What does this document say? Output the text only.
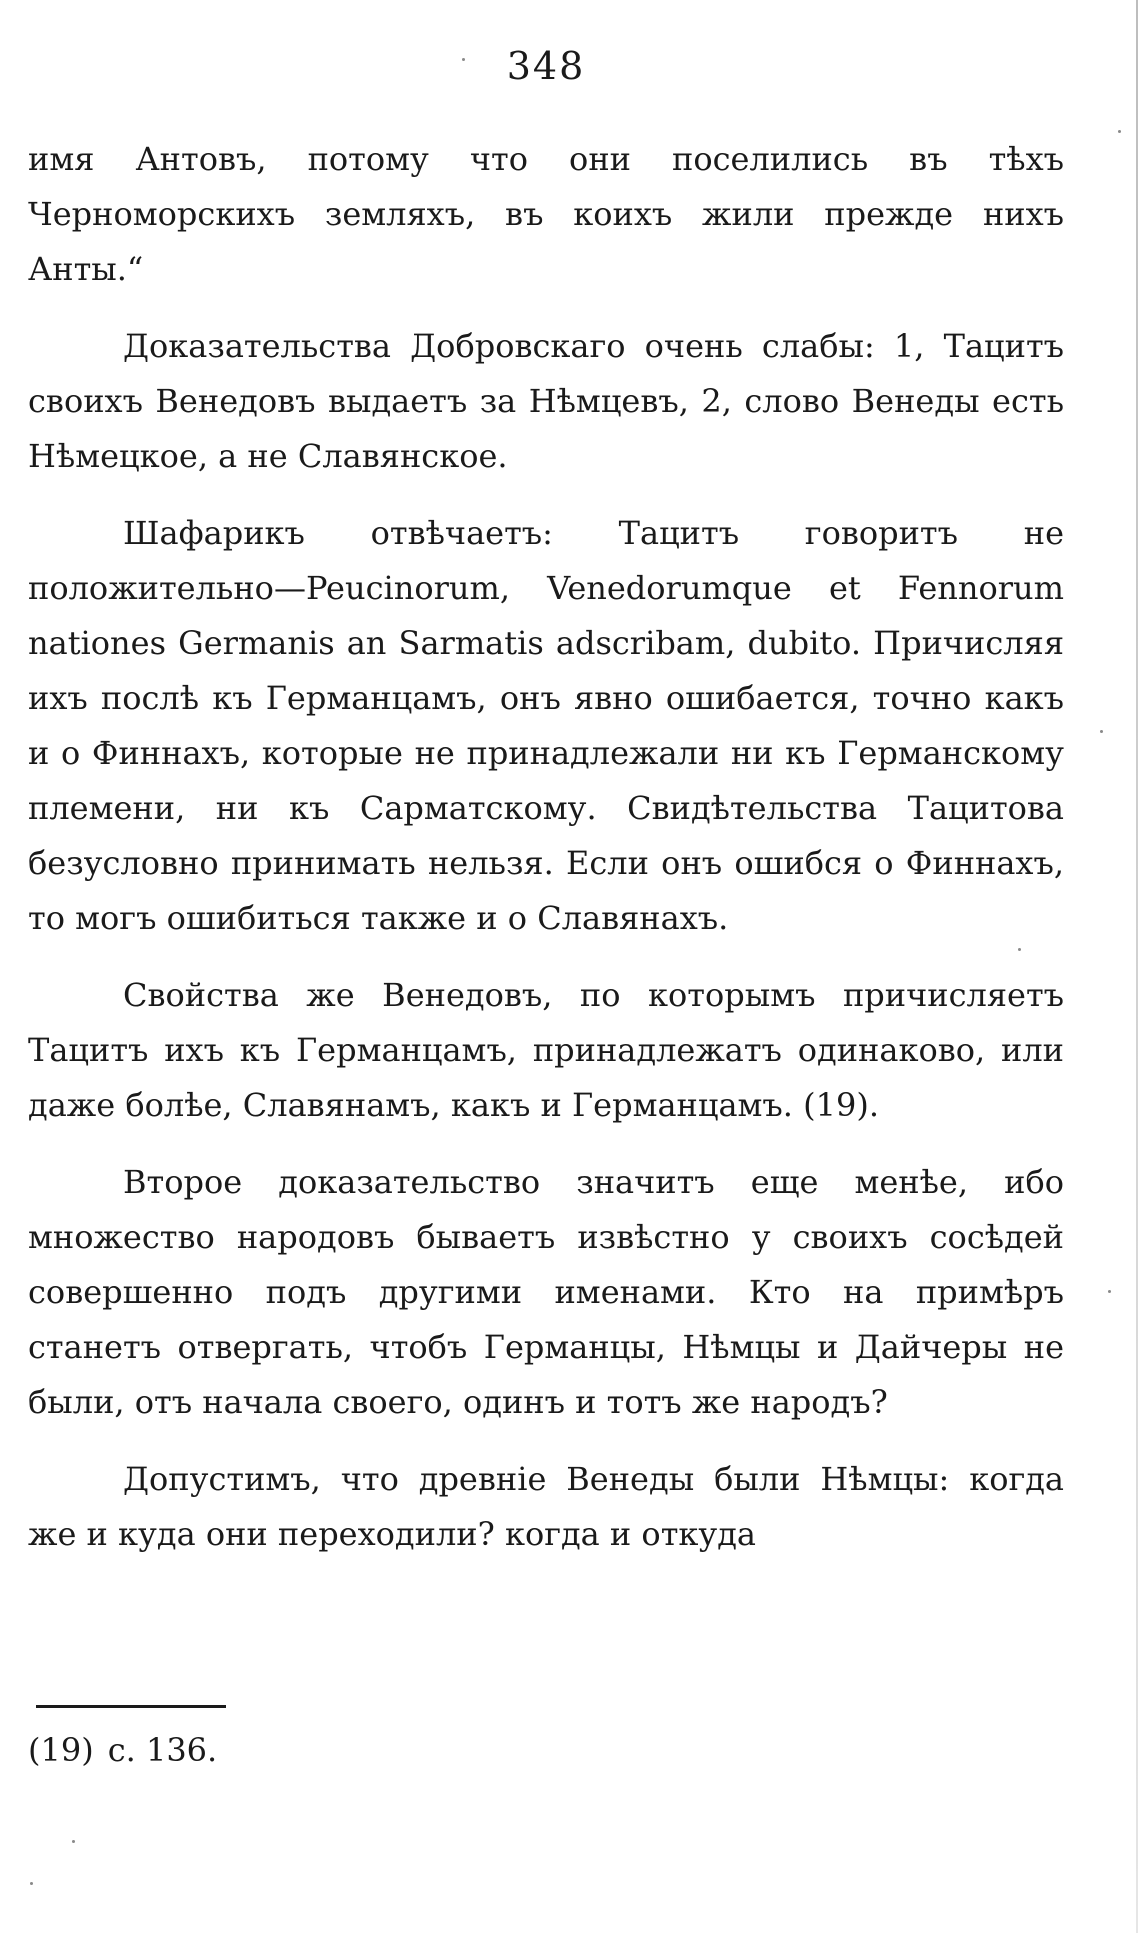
348

имя Антовъ, потому что они поселились въ тѣхъ Черноморскихъ земляхъ, въ коихъ жили прежде нихъ Анты.“

Доказательства Добровскаго очень слабы: 1, Тацитъ своихъ Венедовъ выдаетъ за Нѣмцевъ, 2, слово Венеды есть Нѣмецкое, а не Славянское.

Шафарикъ отвѣчаетъ: Тацитъ говоритъ не положительно—Peucinorum, Venedorumque et Fennorum nationes Germanis an Sarmatis adscribam, dubito. Причисляя ихъ послѣ къ Германцамъ, онъ явно ошибается, точно какъ и о Финнахъ, которые не принадлежали ни къ Германскому племени, ни къ Сарматскому. Свидѣтельства Тацитова безусловно принимать нельзя. Если онъ ошибся о Финнахъ, то могъ ошибиться также и о Славянахъ.

Свойства же Венедовъ, по которымъ причисляетъ Тацитъ ихъ къ Германцамъ, принадлежатъ одинаково, или даже болѣе, Славянамъ, какъ и Германцамъ. (19).

Второе доказательство значитъ еще менѣе, ибо множество народовъ бываетъ извѣстно у своихъ сосѣдей совершенно подъ другими именами. Кто на примѣръ станетъ отвергать, чтобъ Германцы, Нѣмцы и Дайчеры не были, отъ начала своего, одинъ и тотъ же народъ?

Допустимъ, что древніе Венеды были Нѣмцы: когда же и куда они переходили? когда и откуда

(19) с. 136.
